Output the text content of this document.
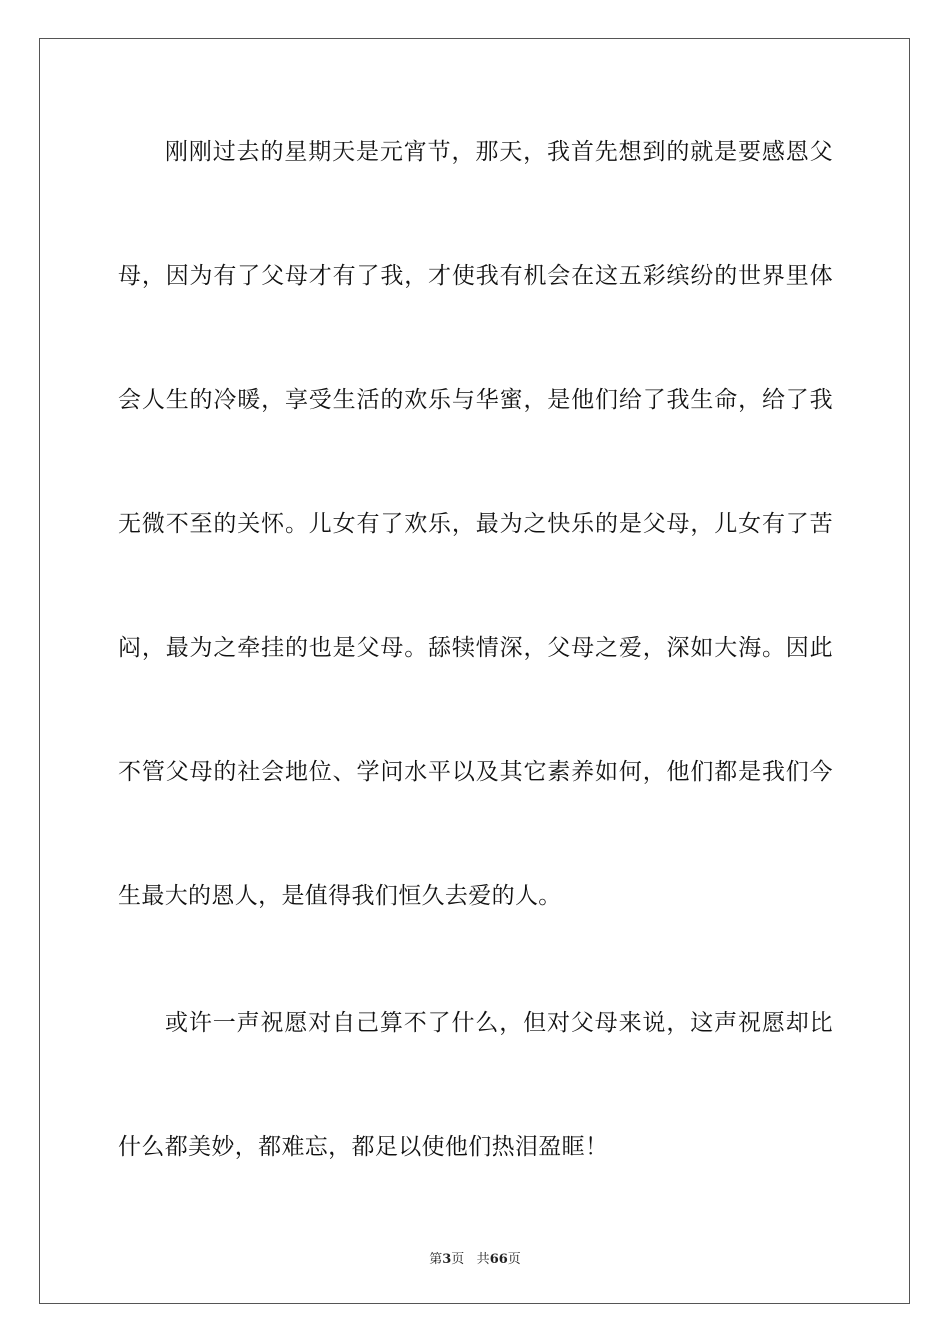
刚刚过去的星期天是元宵节，那天，我首先想到的就是要感恩父
母，因为有了父母才有了我，才使我有机会在这五彩缤纷的世界里体
会人生的冷暖，享受生活的欢乐与华蜜，是他们给了我生命，给了我
无微不至的关怀。儿女有了欢乐，最为之快乐的是父母，儿女有了苦
闷，最为之牵挂的也是父母。舔犊情深，父母之爱，深如大海。因此
不管父母的社会地位、学问水平以及其它素养如何，他们都是我们今
生最大的恩人，是值得我们恒久去爱的人。
或许一声祝愿对自己算不了什么，但对父母来说，这声祝愿却比
什么都美妙，都难忘，都足以使他们热泪盈眶！
第3页 共66页
